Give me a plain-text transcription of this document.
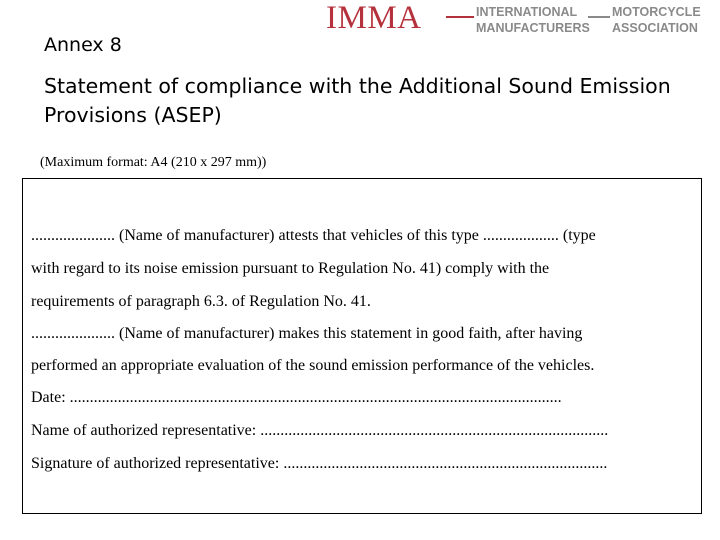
IMMA	INTERNATIONAL
MANUFACTURERS
MOTORCYCLE
ASSOCIATION
Annex 8
Statement of compliance with the Additional Sound Emission Provisions (ASEP)
(Maximum format: A4 (210 x 297 mm))
..................... (Name of manufacturer) attests that vehicles of this type ................... (type
with regard to its noise emission pursuant to Regulation No. 41) comply with the
requirements of paragraph 6.3. of Regulation No. 41.
..................... (Name of manufacturer) makes this statement in good faith, after having
performed an appropriate evaluation of the sound emission performance of the vehicles.
Date: ...........................................................................................................................
Name of authorized representative: .......................................................................................
Signature of authorized representative: .................................................................................
